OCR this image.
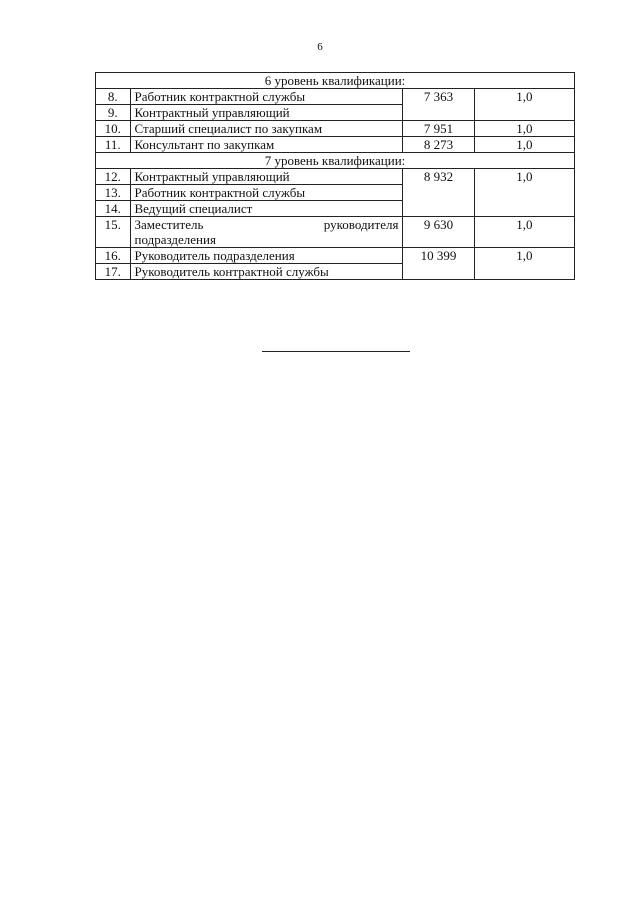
6
6 уровень квалификации:			
8.	Работник контрактной службы	7 363	1,0
9.	Контрактный управляющий		
10.	Старший специалист по закупкам	7 951	1,0
11.	Консультант по закупкам	8 273	1,0
7 уровень квалификации:			
12.	Контрактный управляющий	8 932	1,0
13.	Работник контрактной службы		
14.	Ведущий специалист		
15.	Заместитель руководителя
подразделения	9 630	1,0
16.	Руководитель подразделения	10 399	1,0
17.	Руководитель контрактной службы		
